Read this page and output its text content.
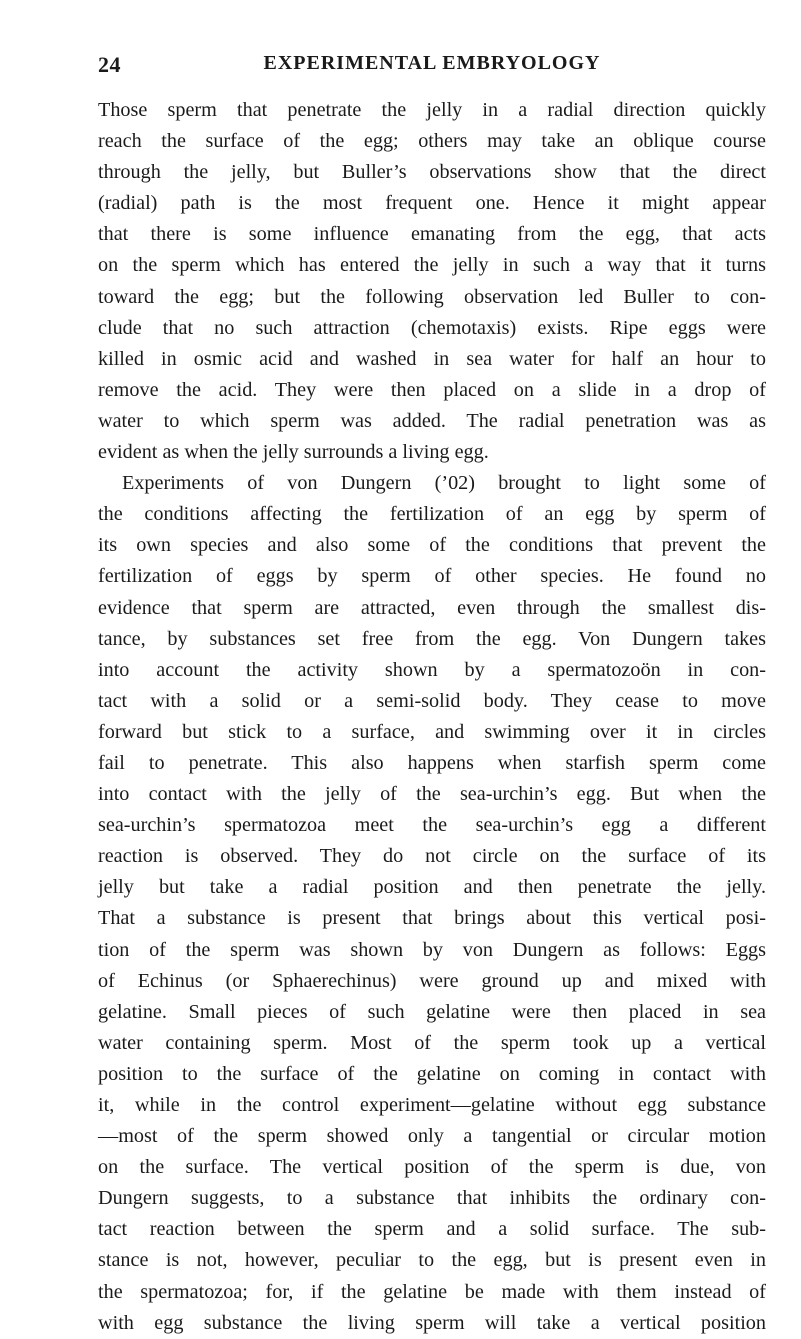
24	EXPERIMENTAL EMBRYOLOGY
Those sperm that penetrate the jelly in a radial direction quickly
reach the surface of the egg; others may take an oblique course
through the jelly, but Buller’s observations show that the direct
(radial) path is the most frequent one. Hence it might appear
that there is some influence emanating from the egg, that acts
on the sperm which has entered the jelly in such a way that it turns
toward the egg; but the following observation led Buller to con-
clude that no such attraction (chemotaxis) exists. Ripe eggs were
killed in osmic acid and washed in sea water for half an hour to
remove the acid. They were then placed on a slide in a drop of
water to which sperm was added. The radial penetration was as
evident as when the jelly surrounds a living egg.
Experiments of von Dungern (’02) brought to light some of
the conditions affecting the fertilization of an egg by sperm of
its own species and also some of the conditions that prevent the
fertilization of eggs by sperm of other species. He found no
evidence that sperm are attracted, even through the smallest dis-
tance, by substances set free from the egg. Von Dungern takes
into account the activity shown by a spermatozoön in con-
tact with a solid or a semi-solid body. They cease to move
forward but stick to a surface, and swimming over it in circles
fail to penetrate. This also happens when starfish sperm come
into contact with the jelly of the sea-urchin’s egg. But when the
sea-urchin’s spermatozoa meet the sea-urchin’s egg a different
reaction is observed. They do not circle on the surface of its
jelly but take a radial position and then penetrate the jelly.
That a substance is present that brings about this vertical posi-
tion of the sperm was shown by von Dungern as follows: Eggs
of Echinus (or Sphaerechinus) were ground up and mixed with
gelatine. Small pieces of such gelatine were then placed in sea
water containing sperm. Most of the sperm took up a vertical
position to the surface of the gelatine on coming in contact with
it, while in the control experiment—gelatine without egg substance
—most of the sperm showed only a tangential or circular motion
on the surface. The vertical position of the sperm is due, von
Dungern suggests, to a substance that inhibits the ordinary con-
tact reaction between the sperm and a solid surface. The sub-
stance is not, however, peculiar to the egg, but is present even in
the spermatozoa; for, if the gelatine be made with them instead of
with egg substance the living sperm will take a vertical position
